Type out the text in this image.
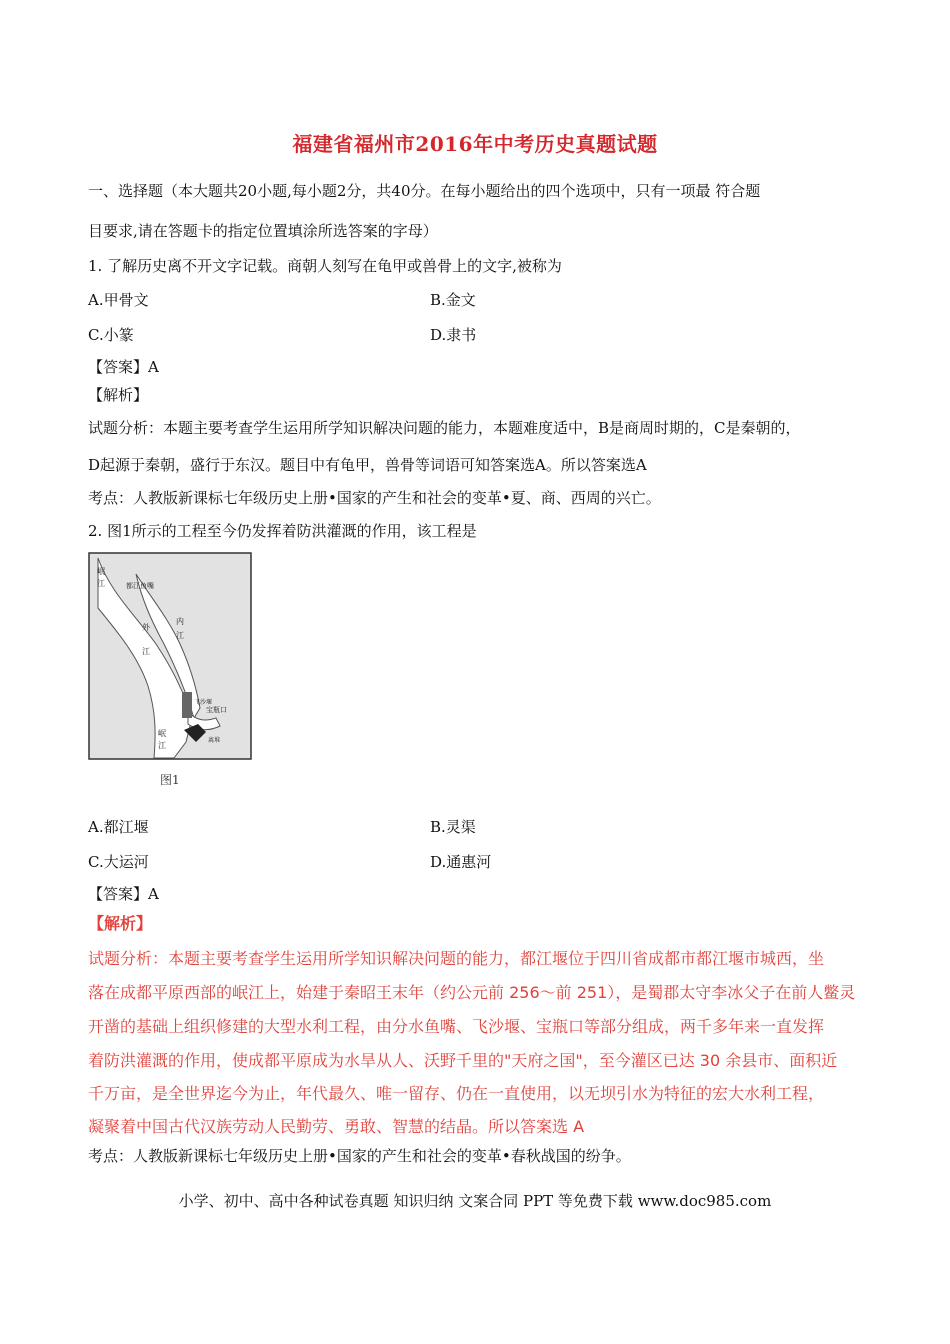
福建省福州市2016年中考历史真题试题
一、选择题（本大题共20小题,每小题2分，共40分。在每小题给出的四个选项中，只有一项最 符合题
目要求,请在答题卡的指定位置填涂所选答案的字母）
1. 了解历史离不开文字记载。商朝人刻写在龟甲或兽骨上的文字,被称为
A.甲骨文	B.金文
C.小篆	D.隶书
【答案】A
【解析】
试题分析：本题主要考查学生运用所学知识解决问题的能力，本题难度适中，B是商周时期的，C是秦朝的，
D起源于秦朝，盛行于东汉。题目中有龟甲，兽骨等词语可知答案选A。所以答案选A
考点：人教版新课标七年级历史上册•国家的产生和社会的变革•夏、商、西周的兴亡。
2. 图1所示的工程至今仍发挥着防洪灌溉的作用，该工程是
岷
江	都江鱼嘴
内
江
外
江
飞沙堰
宝瓶口
离堆
岷
江
图1
A.都江堰	B.灵渠
C.大运河	D.通惠河
【答案】A
【解析】
试题分析：本题主要考查学生运用所学知识解决问题的能力，都江堰位于四川省成都市都江堰市城西，坐
落在成都平原西部的岷江上，始建于秦昭王末年（约公元前 256～前 251），是蜀郡太守李冰父子在前人鳖灵
开凿的基础上组织修建的大型水利工程，由分水鱼嘴、飞沙堰、宝瓶口等部分组成，两千多年来一直发挥
着防洪灌溉的作用，使成都平原成为水旱从人、沃野千里的"天府之国"，至今灌区已达 30 余县市、面积近
千万亩，是全世界迄今为止，年代最久、唯一留存、仍在一直使用，以无坝引水为特征的宏大水利工程，
凝聚着中国古代汉族劳动人民勤劳、勇敢、智慧的结晶。所以答案选 A
考点：人教版新课标七年级历史上册•国家的产生和社会的变革•春秋战国的纷争。
小学、初中、高中各种试卷真题 知识归纳 文案合同 PPT 等免费下载 www.doc985.com
